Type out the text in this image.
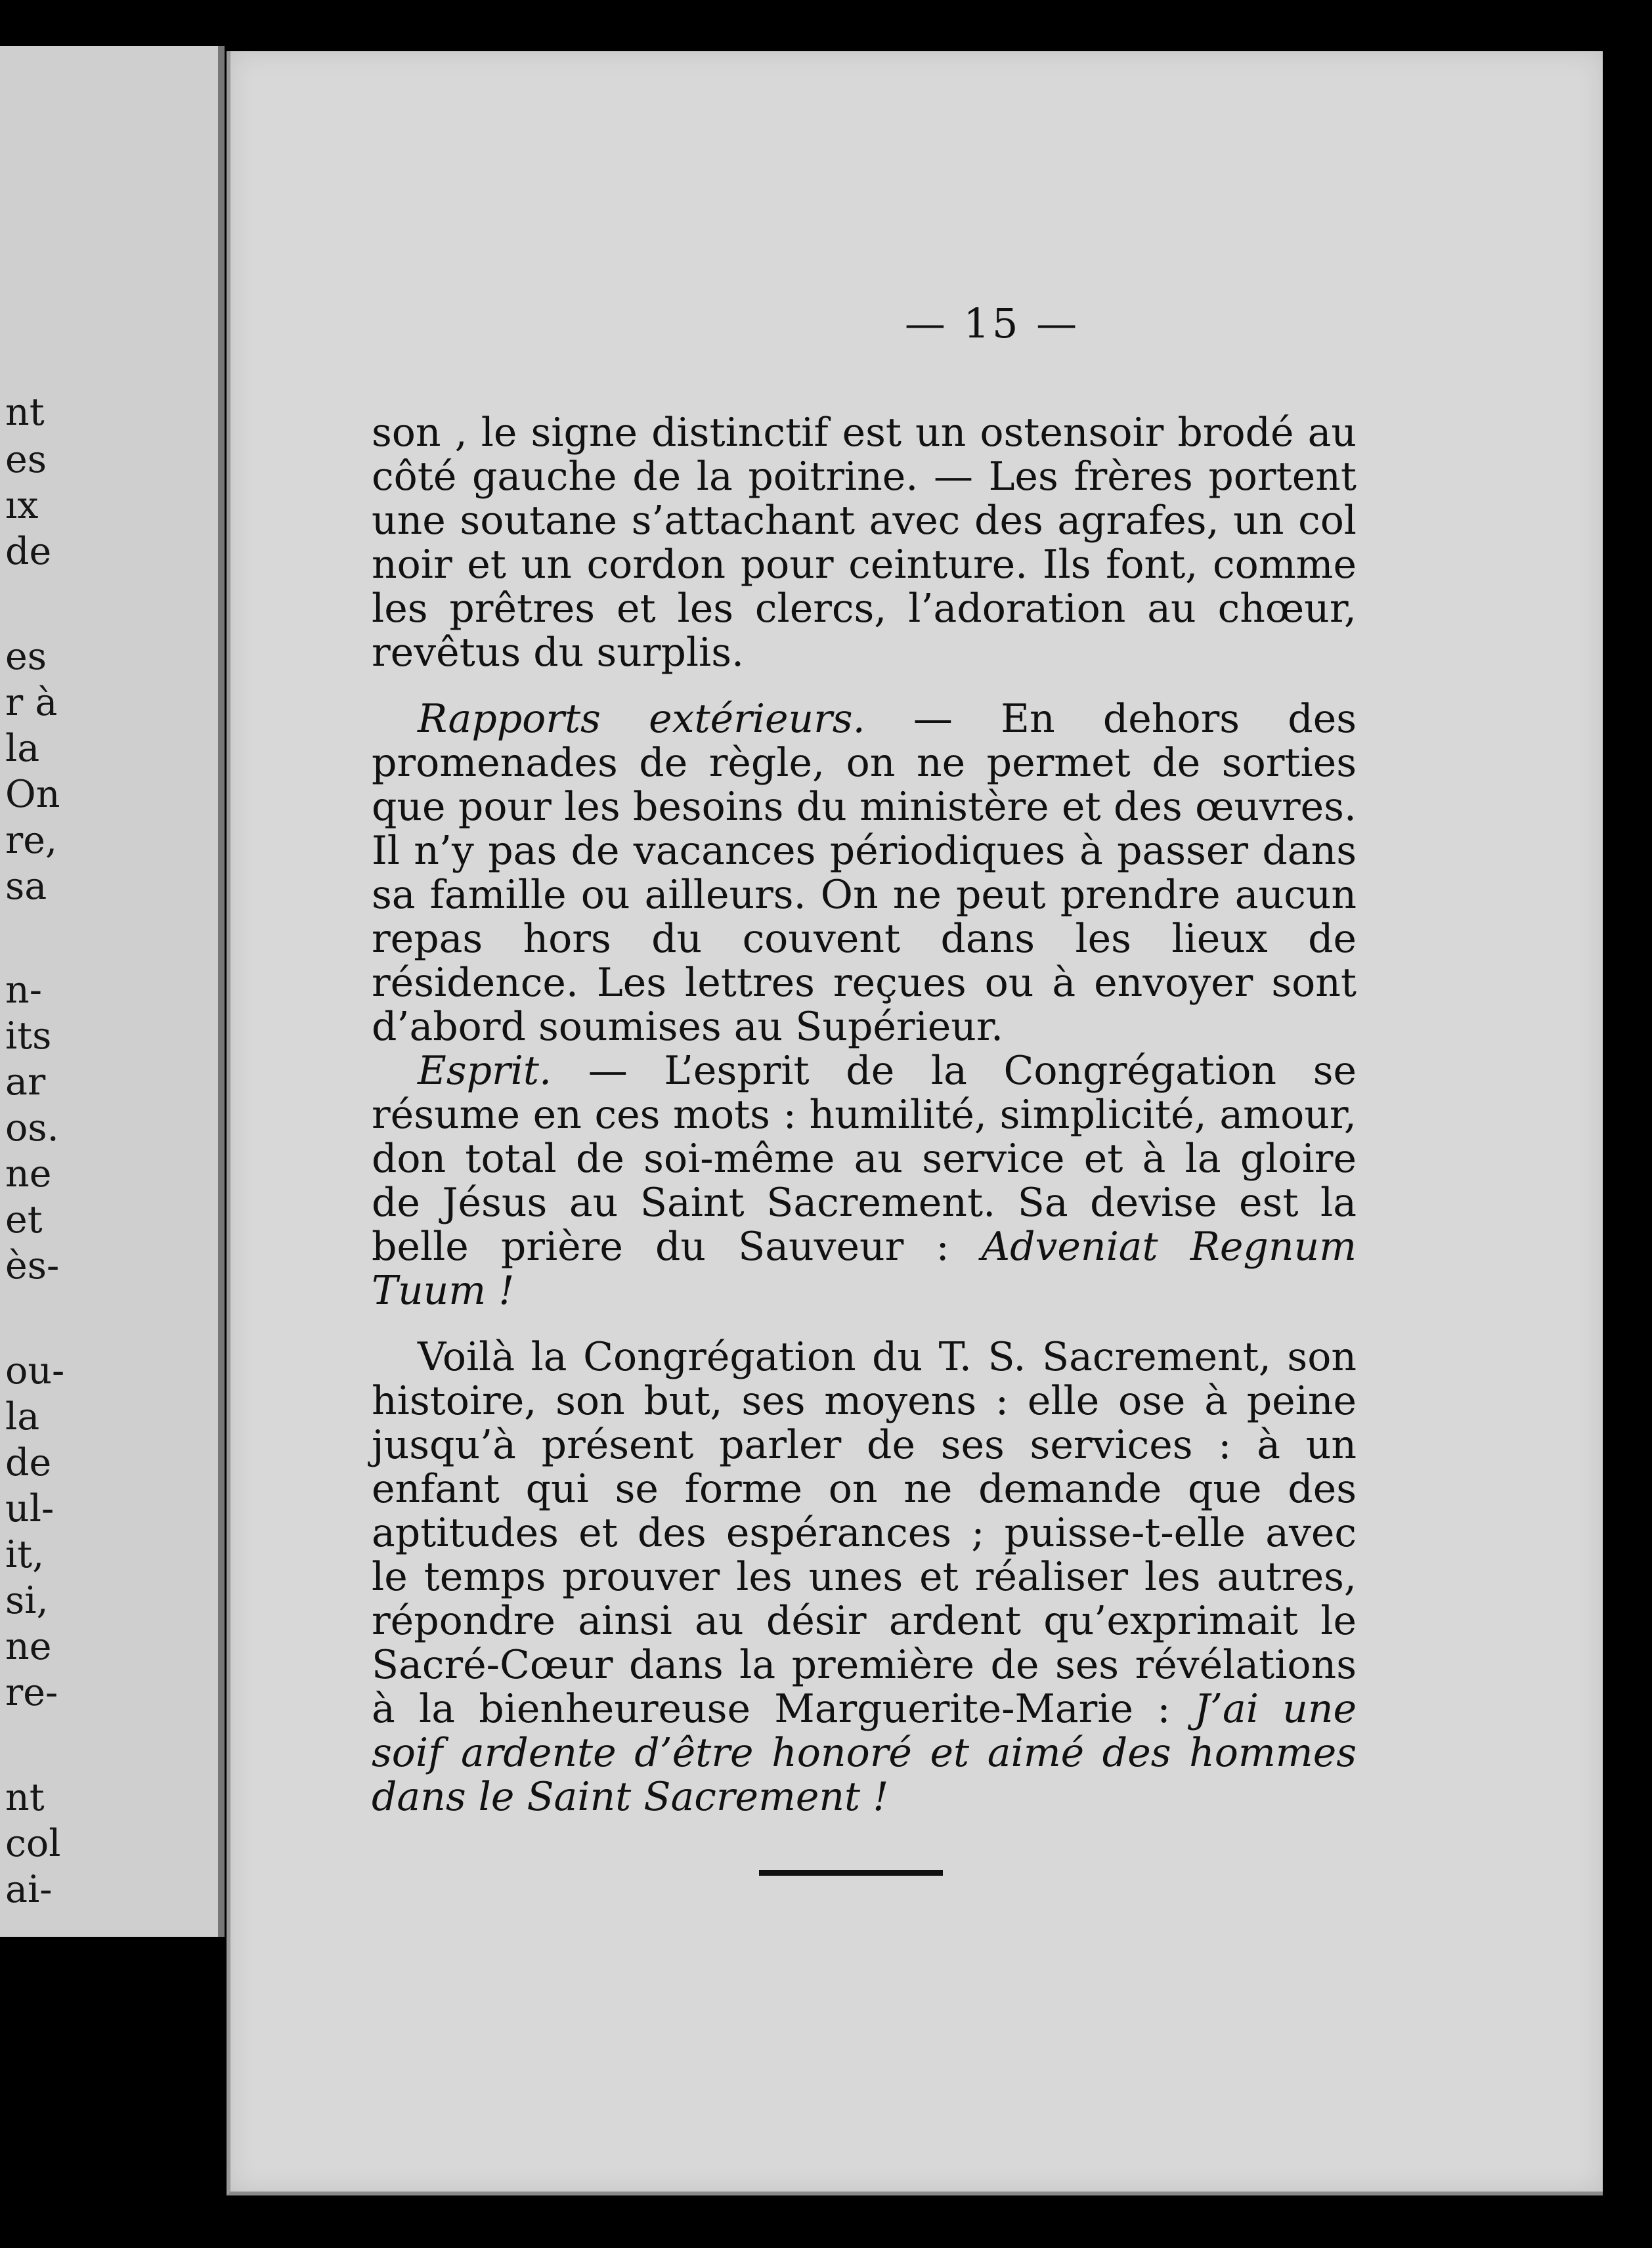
nt
es
ıx
de
es
r à
la
On
re,
sa
n-
its
ar
os.
ne
et
ès-
ou-
la
de
ul-
it,
si,
ne
re-
nt
col
ai-
— 15 —

son , le signe distinctif est un ostensoir brodé au côté gauche de la poitrine. — Les frères portent une soutane s’attachant avec des agrafes, un col noir et un cordon pour ceinture. Ils font, comme les prêtres et les clercs, l’adoration au chœur, revêtus du surplis.

Rapports extérieurs. — En dehors des promenades de règle, on ne permet de sorties que pour les besoins du ministère et des œuvres. Il n’y pas de vacances périodiques à passer dans sa famille ou ailleurs. On ne peut prendre aucun repas hors du couvent dans les lieux de résidence. Les lettres reçues ou à envoyer sont d’abord soumises au Supérieur.

Esprit. — L’esprit de la Congrégation se résume en ces mots : humilité, simplicité, amour, don total de soi-même au service et à la gloire de Jésus au Saint Sacrement. Sa devise est la belle prière du Sauveur : Adveniat Regnum Tuum !

Voilà la Congrégation du T. S. Sacrement, son histoire, son but, ses moyens : elle ose à peine jusqu’à présent parler de ses services : à un enfant qui se forme on ne demande que des aptitudes et des espérances ; puisse-t-elle avec le temps prouver les unes et réaliser les autres, répondre ainsi au désir ardent qu’exprimait le Sacré-Cœur dans la première de ses révélations à la bienheureuse Marguerite-Marie : J’ai une soif ardente d’être honoré et aimé des hommes dans le Saint Sacrement !
